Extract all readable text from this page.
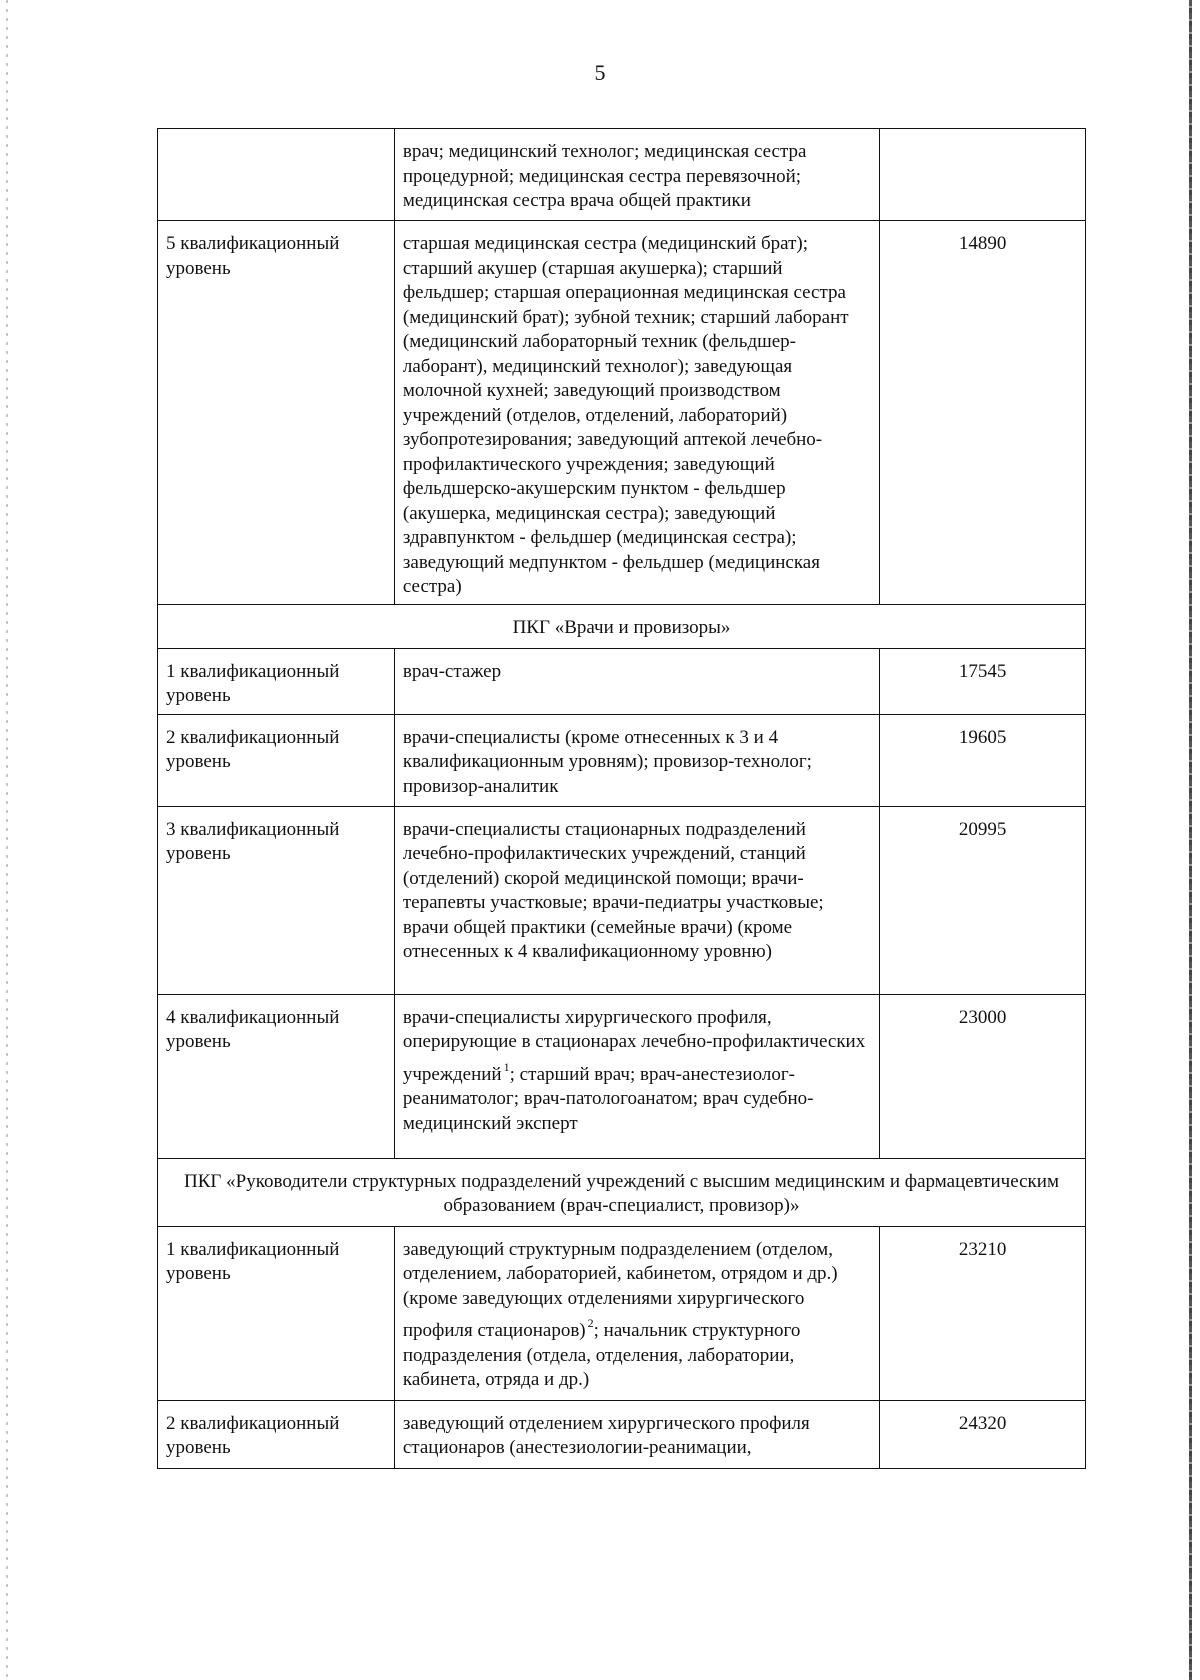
5
	врач; медицинский технолог; медицинская сестра процедурной; медицинская сестра перевязочной; медицинская сестра врача общей практики	
5 квалификационный уровень	старшая медицинская сестра (медицинский брат); старший акушер (старшая акушерка); старший фельдшер; старшая операционная медицинская сестра (медицинский брат); зубной техник; старший лаборант (медицинский лабораторный техник (фельдшер-лаборант), медицинский технолог); заведующая молочной кухней; заведующий производством учреждений (отделов, отделений, лабораторий) зубопротезирования; заведующий аптекой лечебно-профилактического учреждения; заведующий фельдшерско-акушерским пунктом - фельдшер (акушерка, медицинская сестра); заведующий здравпунктом - фельдшер (медицинская сестра); заведующий медпунктом - фельдшер (медицинская сестра)	14890
ПКГ «Врачи и провизоры»		
1 квалификационный уровень	врач-стажер	17545
2 квалификационный уровень	врачи-специалисты (кроме отнесенных к 3 и 4 квалификационным уровням); провизор-технолог; провизор-аналитик	19605
3 квалификационный уровень	врачи-специалисты стационарных подразделений лечебно-профилактических учреждений, станций (отделений) скорой медицинской помощи; врачи-терапевты участковые; врачи-педиатры участковые; врачи общей практики (семейные врачи) (кроме отнесенных к 4 квалификационному уровню)	20995
4 квалификационный уровень	врачи-специалисты хирургического профиля, оперирующие в стационарах лечебно-профилактических учреждений $^1$; старший врач; врач-анестезиолог-реаниматолог; врач-патологоанатом; врач судебно-медицинский эксперт	23000
ПКГ «Руководители структурных подразделений учреждений с высшим медицинским и фармацевтическим образованием (врач-специалист, провизор)»		
1 квалификационный уровень	заведующий структурным подразделением (отделом, отделением, лабораторией, кабинетом, отрядом и др.) (кроме заведующих отделениями хирургического профиля стационаров) $^2$; начальник структурного подразделения (отдела, отделения, лаборатории, кабинета, отряда и др.)	23210
2 квалификационный уровень	заведующий отделением хирургического профиля стационаров (анестезиологии-реанимации,	24320
